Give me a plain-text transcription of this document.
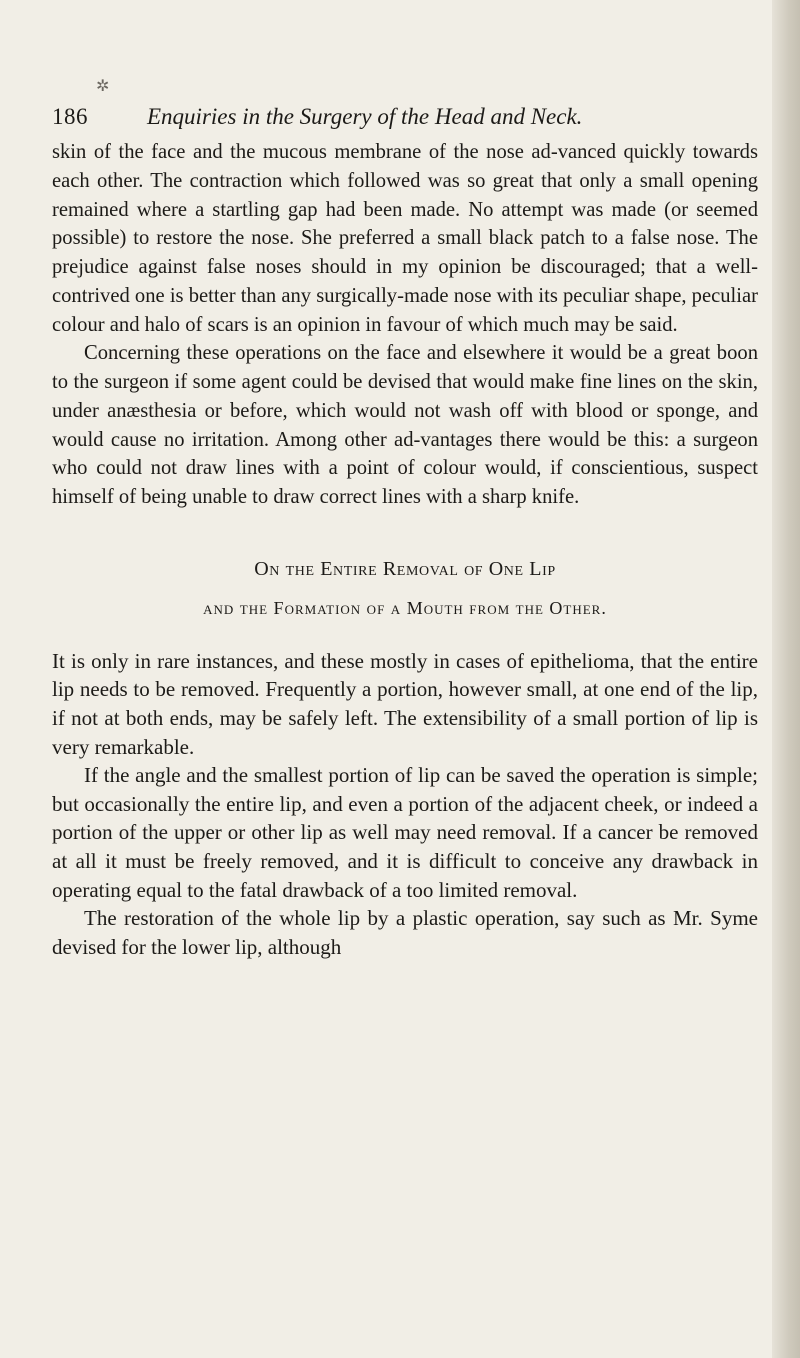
✲
186	Enquiries in the Surgery of the Head and Neck.

skin of the face and the mucous membrane of the nose ad-vanced quickly towards each other. The contraction which followed was so great that only a small opening remained where a startling gap had been made. No attempt was made (or seemed possible) to restore the nose. She preferred a small black patch to a false nose. The prejudice against false noses should in my opinion be discouraged; that a well-contrived one is better than any surgically-made nose with its peculiar shape, peculiar colour and halo of scars is an opinion in favour of which much may be said.

Concerning these operations on the face and elsewhere it would be a great boon to the surgeon if some agent could be devised that would make fine lines on the skin, under anæsthesia or before, which would not wash off with blood or sponge, and would cause no irritation. Among other ad-vantages there would be this: a surgeon who could not draw lines with a point of colour would, if conscientious, suspect himself of being unable to draw correct lines with a sharp knife.

On the Entire Removal of One Lip
and the Formation of a Mouth from the Other.

It is only in rare instances, and these mostly in cases of epithelioma, that the entire lip needs to be removed. Frequently a portion, however small, at one end of the lip, if not at both ends, may be safely left. The extensibility of a small portion of lip is very remarkable.

If the angle and the smallest portion of lip can be saved the operation is simple; but occasionally the entire lip, and even a portion of the adjacent cheek, or indeed a portion of the upper or other lip as well may need removal. If a cancer be removed at all it must be freely removed, and it is difficult to conceive any drawback in operating equal to the fatal drawback of a too limited removal.

The restoration of the whole lip by a plastic operation, say such as Mr. Syme devised for the lower lip, although
